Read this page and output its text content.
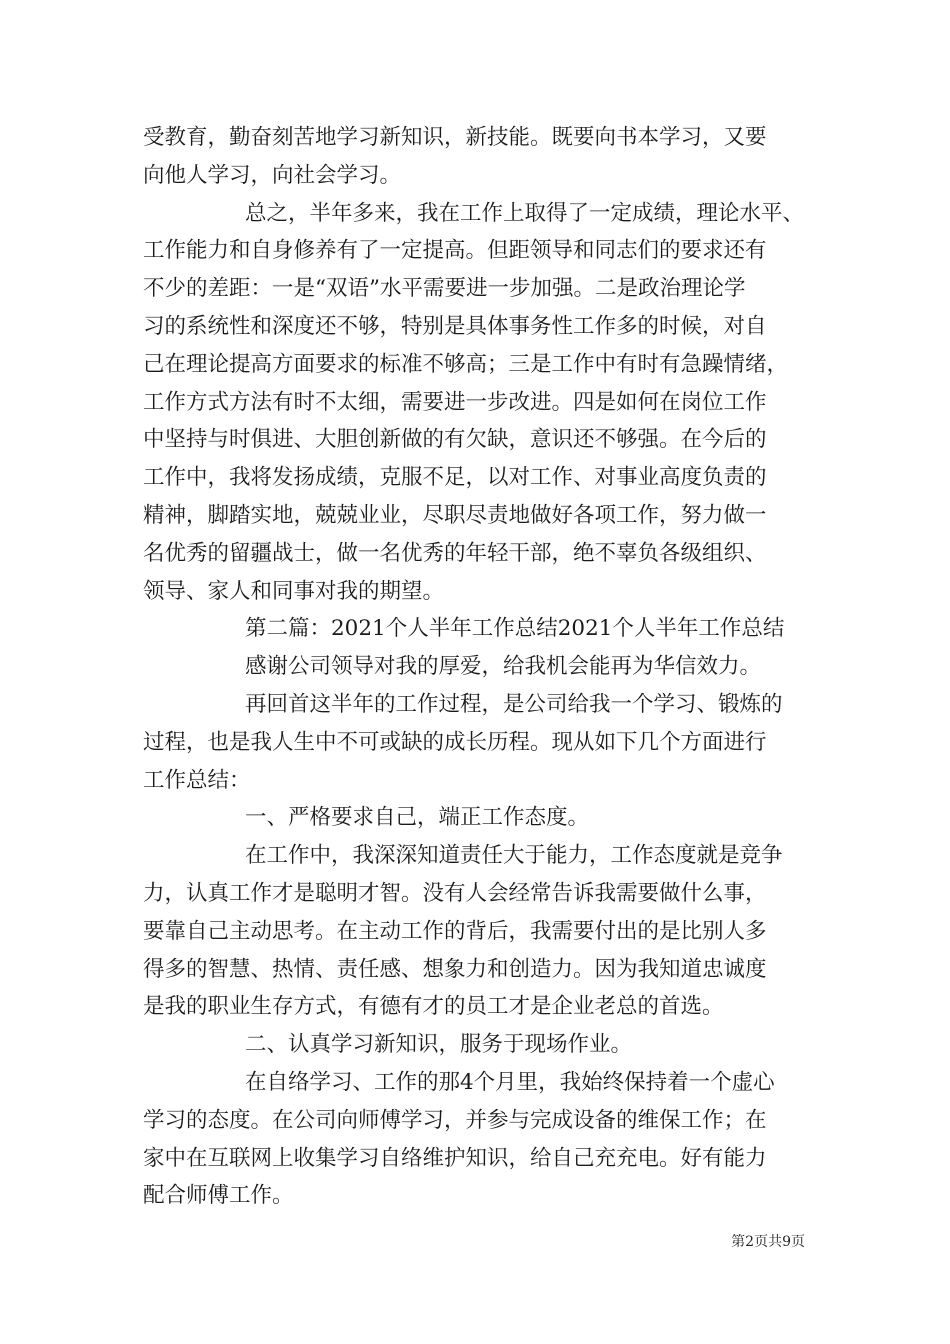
受教育，勤奋刻苦地学习新知识，新技能。既要向书本学习，又要
向他人学习，向社会学习。
总之，半年多来，我在工作上取得了一定成绩，理论水平、
工作能力和自身修养有了一定提高。但距领导和同志们的要求还有
不少的差距：一是“双语”水平需要进一步加强。二是政治理论学
习的系统性和深度还不够，特别是具体事务性工作多的时候，对自
己在理论提高方面要求的标准不够高；三是工作中有时有急躁情绪，
工作方式方法有时不太细，需要进一步改进。四是如何在岗位工作
中坚持与时俱进、大胆创新做的有欠缺，意识还不够强。在今后的
工作中，我将发扬成绩，克服不足，以对工作、对事业高度负责的
精神，脚踏实地，兢兢业业，尽职尽责地做好各项工作，努力做一
名优秀的留疆战士，做一名优秀的年轻干部，绝不辜负各级组织、
领导、家人和同事对我的期望。
第二篇：2021个人半年工作总结2021个人半年工作总结
感谢公司领导对我的厚爱，给我机会能再为华信效力。
再回首这半年的工作过程，是公司给我一个学习、锻炼的
过程，也是我人生中不可或缺的成长历程。现从如下几个方面进行
工作总结：
一、严格要求自己，端正工作态度。
在工作中，我深深知道责任大于能力，工作态度就是竞争
力，认真工作才是聪明才智。没有人会经常告诉我需要做什么事，
要靠自己主动思考。在主动工作的背后，我需要付出的是比别人多
得多的智慧、热情、责任感、想象力和创造力。因为我知道忠诚度
是我的职业生存方式，有德有才的员工才是企业老总的首选。
二、认真学习新知识，服务于现场作业。
在自络学习、工作的那4个月里，我始终保持着一个虚心
学习的态度。在公司向师傅学习，并参与完成设备的维保工作；在
家中在互联网上收集学习自络维护知识，给自己充充电。好有能力
配合师傅工作。
第2页共9页
